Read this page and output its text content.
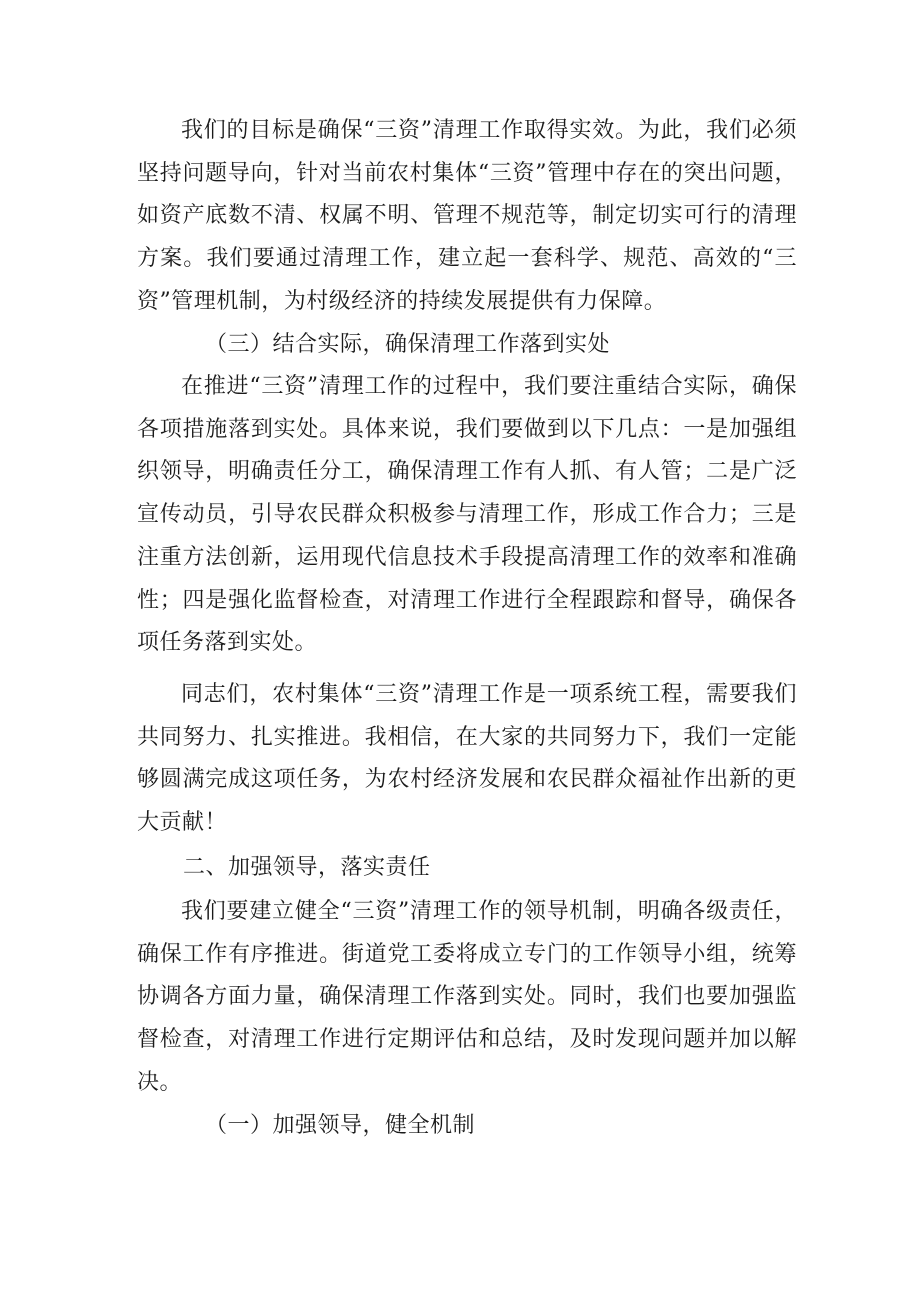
我们的目标是确保“三资”清理工作取得实效。为此，我们必须坚持问题导向，针对当前农村集体“三资”管理中存在的突出问题，如资产底数不清、权属不明、管理不规范等，制定切实可行的清理方案。我们要通过清理工作，建立起一套科学、规范、高效的“三资”管理机制，为村级经济的持续发展提供有力保障。

（三）结合实际，确保清理工作落到实处

在推进“三资”清理工作的过程中，我们要注重结合实际，确保各项措施落到实处。具体来说，我们要做到以下几点：一是加强组织领导，明确责任分工，确保清理工作有人抓、有人管；二是广泛宣传动员，引导农民群众积极参与清理工作，形成工作合力；三是注重方法创新，运用现代信息技术手段提高清理工作的效率和准确性；四是强化监督检查，对清理工作进行全程跟踪和督导，确保各项任务落到实处。

同志们，农村集体“三资”清理工作是一项系统工程，需要我们共同努力、扎实推进。我相信，在大家的共同努力下，我们一定能够圆满完成这项任务，为农村经济发展和农民群众福祉作出新的更大贡献！

二、加强领导，落实责任

我们要建立健全“三资”清理工作的领导机制，明确各级责任，确保工作有序推进。街道党工委将成立专门的工作领导小组，统筹协调各方面力量，确保清理工作落到实处。同时，我们也要加强监督检查，对清理工作进行定期评估和总结，及时发现问题并加以解决。

（一）加强领导，健全机制
